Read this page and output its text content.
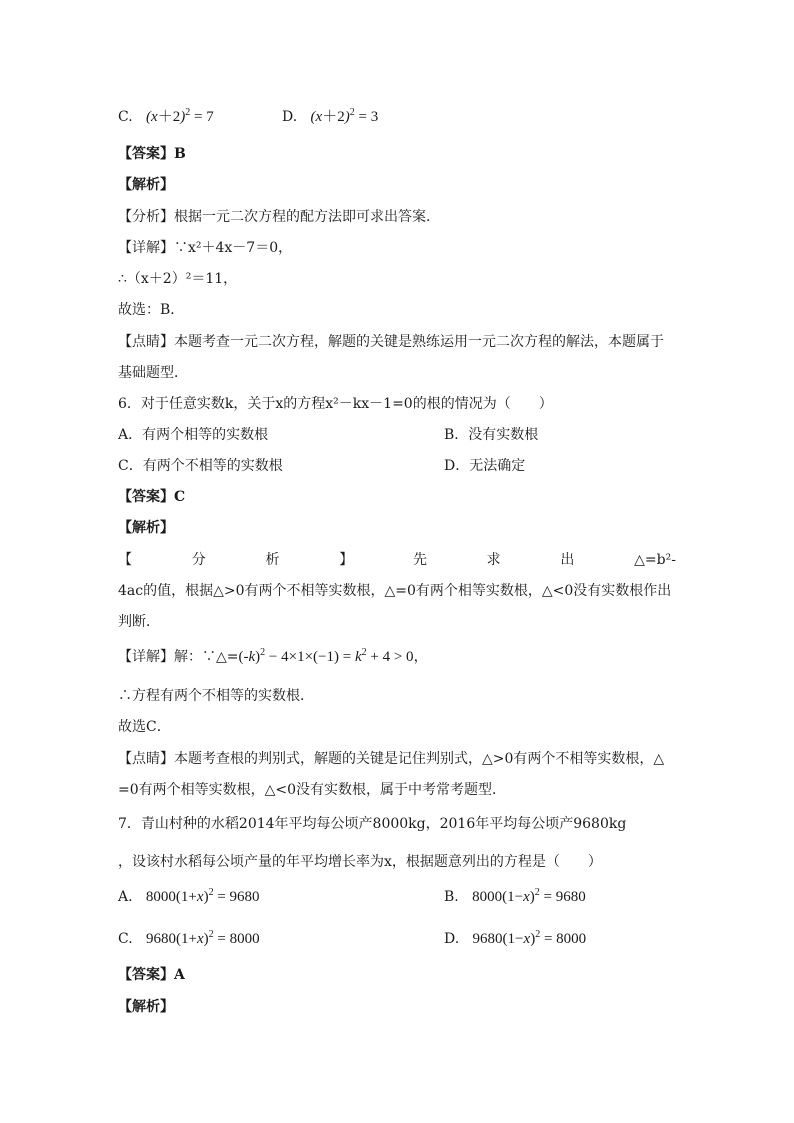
C. $(x+2)^2 = 7$	D. $(x+2)^2 = 3$
【答案】B
【解析】
【分析】根据一元二次方程的配方法即可求出答案．
【详解】∵x²＋4x－7＝0，
∴（x＋2）²＝11，
故选：B．
【点睛】本题考查一元二次方程，解题的关键是熟练运用一元二次方程的解法，本题属于
基础题型．
6．对于任意实数k，关于x的方程x²－kx－1=0的根的情况为（　　）
A．有两个相等的实数根	B．没有实数根
C．有两个不相等的实数根	D．无法确定
【答案】C
【解析】
【	分	析	】	先	求	出	△=b²-
4ac的值，根据△>0有两个不相等实数根，△=0有两个相等实数根，△<0没有实数根作出
判断．
【详解】解：$\because\triangle=(-k)^2 - 4\times 1\times(-1) = k^2 + 4 > 0$，
∴方程有两个不相等的实数根．
故选C．
【点睛】本题考查根的判别式，解题的关键是记住判别式，△>0有两个不相等实数根，△
=0有两个相等实数根，△<0没有实数根，属于中考常考题型．
7．青山村种的水稻2014年平均每公顷产8000kg，2016年平均每公顷产9680kg
，设该村水稻每公顷产量的年平均增长率为x，根据题意列出的方程是（　　）
A. $8000(1+x)^2 = 9680$	B. $8000(1-x)^2 = 9680$
C. $9680(1+x)^2 = 8000$	D. $9680(1-x)^2 = 8000$
【答案】A
【解析】
